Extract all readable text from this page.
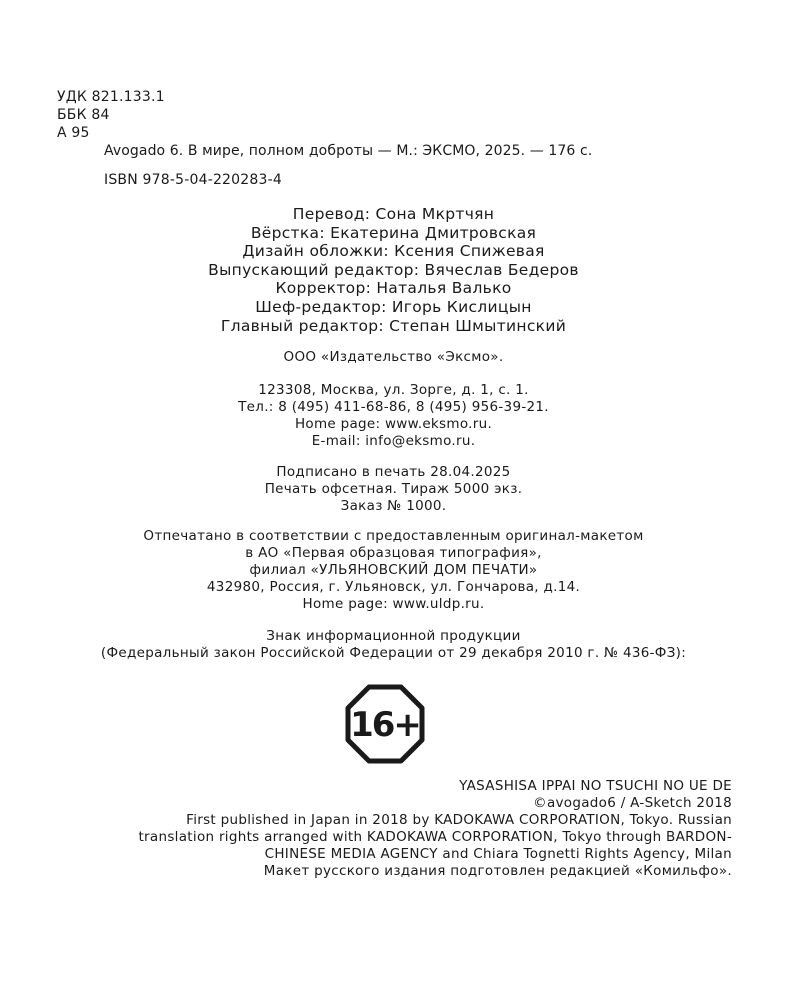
УДК 821.133.1
ББК 84
А 95
Avogado 6. В мире, полном доброты — М.: ЭКСМО, 2025. — 176 с.
ISBN 978-5-04-220283-4
Перевод: Сона Мкртчян
Вёрстка: Екатерина Дмитровская
Дизайн обложки: Ксения Спижевая
Выпускающий редактор: Вячеслав Бедеров
Корректор: Наталья Валько
Шеф-редактор: Игорь Кислицын
Главный редактор: Степан Шмытинский
ООО «Издательство «Эксмо».
123308, Москва, ул. Зорге, д. 1, с. 1.
Тел.: 8 (495) 411-68-86, 8 (495) 956-39-21.
Home page: www.eksmo.ru.
E-mail: info@eksmo.ru.
Подписано в печать 28.04.2025
Печать офсетная. Тираж 5000 экз.
Заказ № 1000.
Отпечатано в соответствии с предоставленным оригинал-макетом
в АО «Первая образцовая типография»,
филиал «УЛЬЯНОВСКИЙ ДОМ ПЕЧАТИ»
432980, Россия, г. Ульяновск, ул. Гончарова, д.14.
Home page: www.uldp.ru.
Знак информационной продукции
(Федеральный закон Российской Федерации от 29 декабря 2010 г. № 436-ФЗ):
16+
YASASHISA IPPAI NO TSUCHI NO UE DE
©avogado6 / A-Sketch 2018
First published in Japan in 2018 by KADOKAWA CORPORATION, Tokyo. Russian
translation rights arranged with KADOKAWA CORPORATION, Tokyo through BARDON-
CHINESE MEDIA AGENCY and Chiara Tognetti Rights Agency, Milan
Макет русского издания подготовлен редакцией «Комильфо».
